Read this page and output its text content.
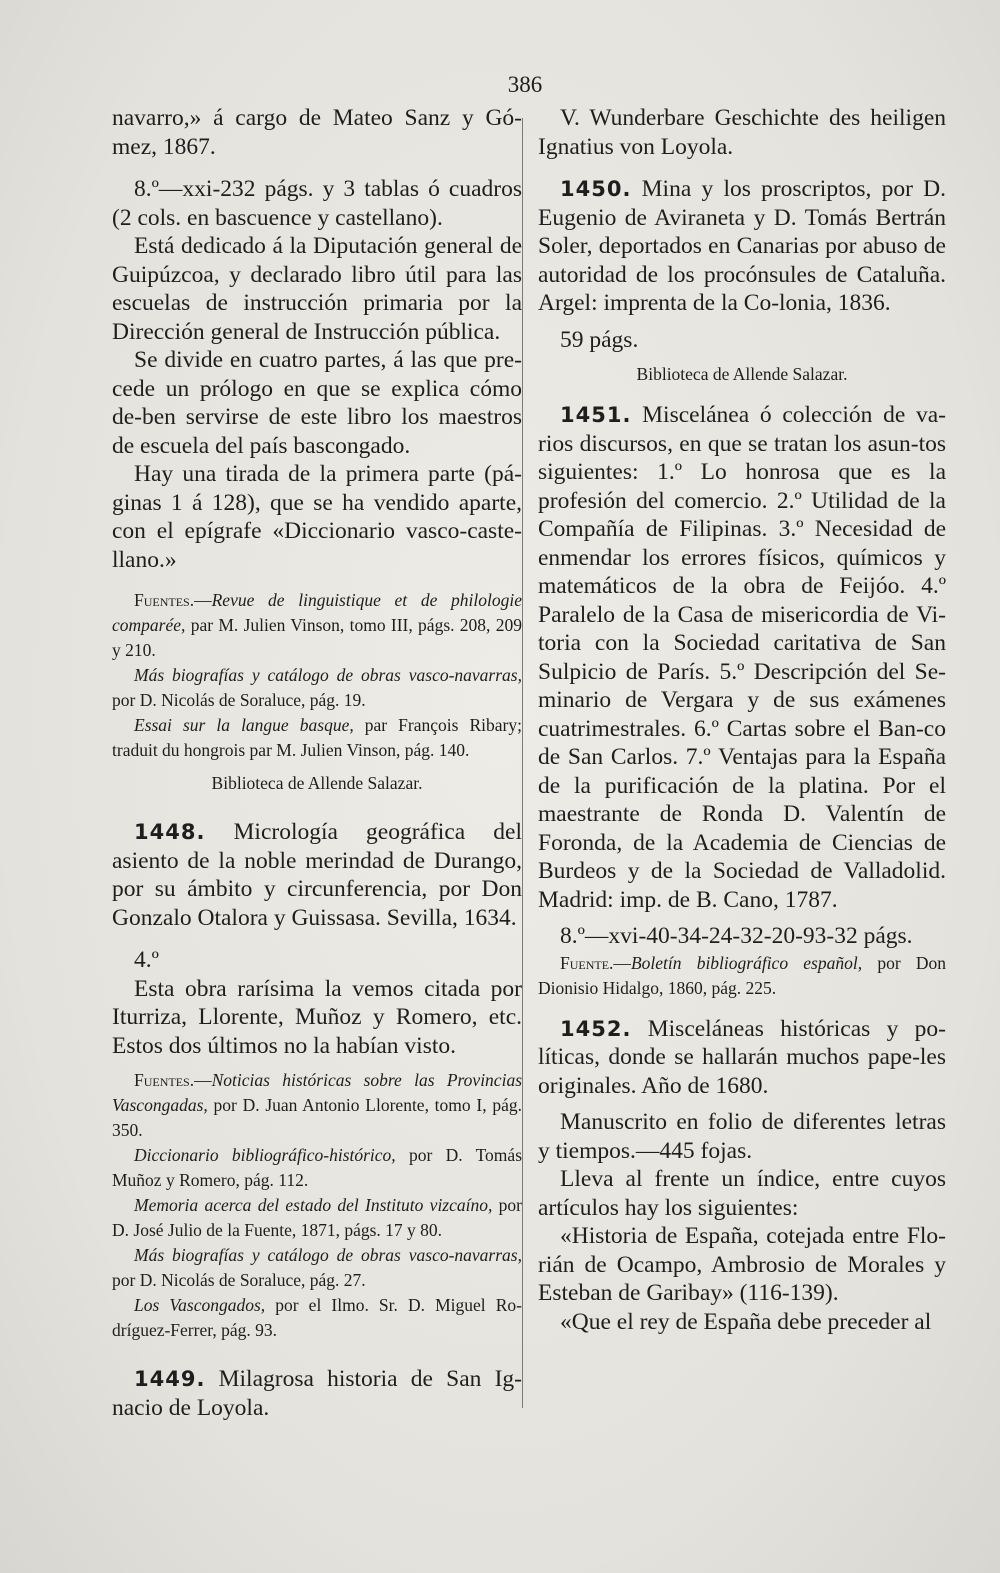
386

navarro,» á cargo de Mateo Sanz y Gó-mez, 1867.

8.º—xxi-232 págs. y 3 tablas ó cuadros (2 cols. en bascuence y castellano).

Está dedicado á la Diputación general de Guipúzcoa, y declarado libro útil para las escuelas de instrucción primaria por la Dirección general de Instrucción pública.

Se divide en cuatro partes, á las que pre-cede un prólogo en que se explica cómo de-ben servirse de este libro los maestros de escuela del país bascongado.

Hay una tirada de la primera parte (pá-ginas 1 á 128), que se ha vendido aparte, con el epígrafe «Diccionario vasco-caste-llano.»

Fuentes.—Revue de linguistique et de philologie comparée, par M. Julien Vinson, tomo III, págs. 208, 209 y 210.

Más biografías y catálogo de obras vasco-navarras, por D. Nicolás de Soraluce, pág. 19.

Essai sur la langue basque, par François Ribary; traduit du hongrois par M. Julien Vinson, pág. 140.

Biblioteca de Allende Salazar.

1448. Micrología geográfica del asiento de la noble merindad de Durango, por su ámbito y circunferencia, por Don Gonzalo Otalora y Guissasa. Sevilla, 1634.

4.º

Esta obra rarísima la vemos citada por Iturriza, Llorente, Muñoz y Romero, etc. Estos dos últimos no la habían visto.

Fuentes.—Noticias históricas sobre las Provincias Vascongadas, por D. Juan Antonio Llorente, tomo I, pág. 350.

Diccionario bibliográfico-histórico, por D. Tomás Muñoz y Romero, pág. 112.

Memoria acerca del estado del Instituto vizcaíno, por D. José Julio de la Fuente, 1871, págs. 17 y 80.

Más biografías y catálogo de obras vasco-navarras, por D. Nicolás de Soraluce, pág. 27.

Los Vascongados, por el Ilmo. Sr. D. Miguel Ro-dríguez-Ferrer, pág. 93.

1449. Milagrosa historia de San Ig-nacio de Loyola.

V. Wunderbare Geschichte des heiligen Ignatius von Loyola.

1450. Mina y los proscriptos, por D. Eugenio de Aviraneta y D. Tomás Bertrán Soler, deportados en Canarias por abuso de autoridad de los procónsules de Cataluña. Argel: imprenta de la Co-lonia, 1836.

59 págs.

Biblioteca de Allende Salazar.

1451. Miscelánea ó colección de va-rios discursos, en que se tratan los asun-tos siguientes: 1.º Lo honrosa que es la profesión del comercio. 2.º Utilidad de la Compañía de Filipinas. 3.º Necesidad de enmendar los errores físicos, químicos y matemáticos de la obra de Feijóo. 4.º Paralelo de la Casa de misericordia de Vi-toria con la Sociedad caritativa de San Sulpicio de París. 5.º Descripción del Se-minario de Vergara y de sus exámenes cuatrimestrales. 6.º Cartas sobre el Ban-co de San Carlos. 7.º Ventajas para la España de la purificación de la platina. Por el maestrante de Ronda D. Valentín de Foronda, de la Academia de Ciencias de Burdeos y de la Sociedad de Valladolid. Madrid: imp. de B. Cano, 1787.

8.º—xvi-40-34-24-32-20-93-32 págs.

Fuente.—Boletín bibliográfico español, por Don Dionisio Hidalgo, 1860, pág. 225.

1452. Misceláneas históricas y po-líticas, donde se hallarán muchos pape-les originales. Año de 1680.

Manuscrito en folio de diferentes letras y tiempos.—445 fojas.

Lleva al frente un índice, entre cuyos artículos hay los siguientes:

«Historia de España, cotejada entre Flo-rián de Ocampo, Ambrosio de Morales y Esteban de Garibay» (116-139).

«Que el rey de España debe preceder al
